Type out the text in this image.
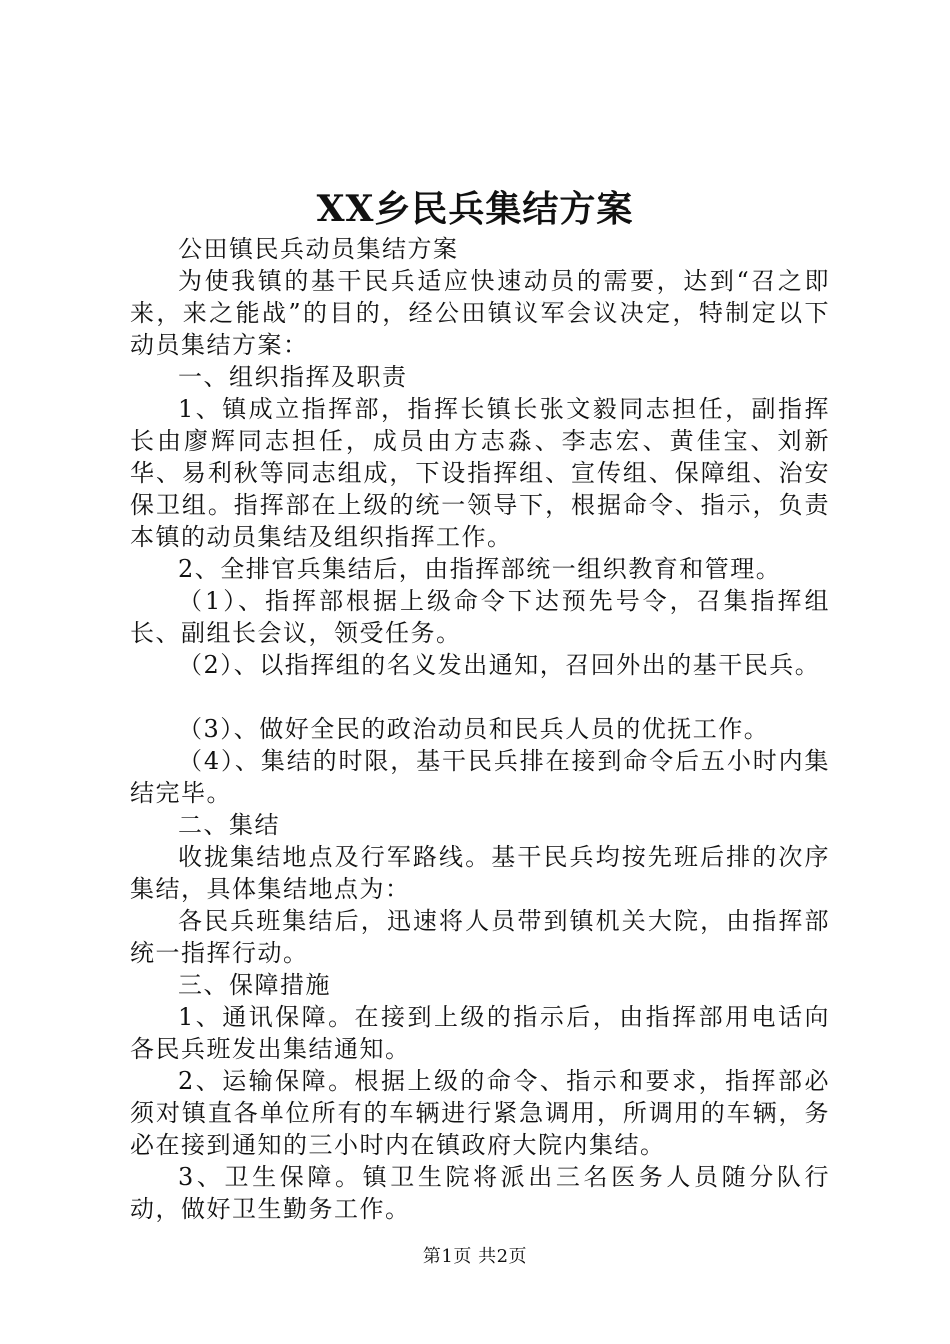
XX乡民兵集结方案

公田镇民兵动员集结方案

为使我镇的基干民兵适应快速动员的需要，达到“召之即来，来之能战”的目的，经公田镇议军会议决定，特制定以下动员集结方案：

一、组织指挥及职责

1、镇成立指挥部，指挥长镇长张文毅同志担任，副指挥长由廖辉同志担任，成员由方志淼、李志宏、黄佳宝、刘新华、易利秋等同志组成，下设指挥组、宣传组、保障组、治安保卫组。指挥部在上级的统一领导下，根据命令、指示，负责本镇的动员集结及组织指挥工作。

2、全排官兵集结后，由指挥部统一组织教育和管理。

（1）、指挥部根据上级命令下达预先号令，召集指挥组长、副组长会议，领受任务。

（2）、以指挥组的名义发出通知，召回外出的基干民兵。

（3）、做好全民的政治动员和民兵人员的优抚工作。

（4）、集结的时限，基干民兵排在接到命令后五小时内集结完毕。

二、集结

收拢集结地点及行军路线。基干民兵均按先班后排的次序集结，具体集结地点为：

各民兵班集结后，迅速将人员带到镇机关大院，由指挥部统一指挥行动。

三、保障措施

1、通讯保障。在接到上级的指示后，由指挥部用电话向各民兵班发出集结通知。

2、运输保障。根据上级的命令、指示和要求，指挥部必须对镇直各单位所有的车辆进行紧急调用，所调用的车辆，务必在接到通知的三小时内在镇政府大院内集结。

3、卫生保障。镇卫生院将派出三名医务人员随分队行动，做好卫生勤务工作。

第1页 共2页
